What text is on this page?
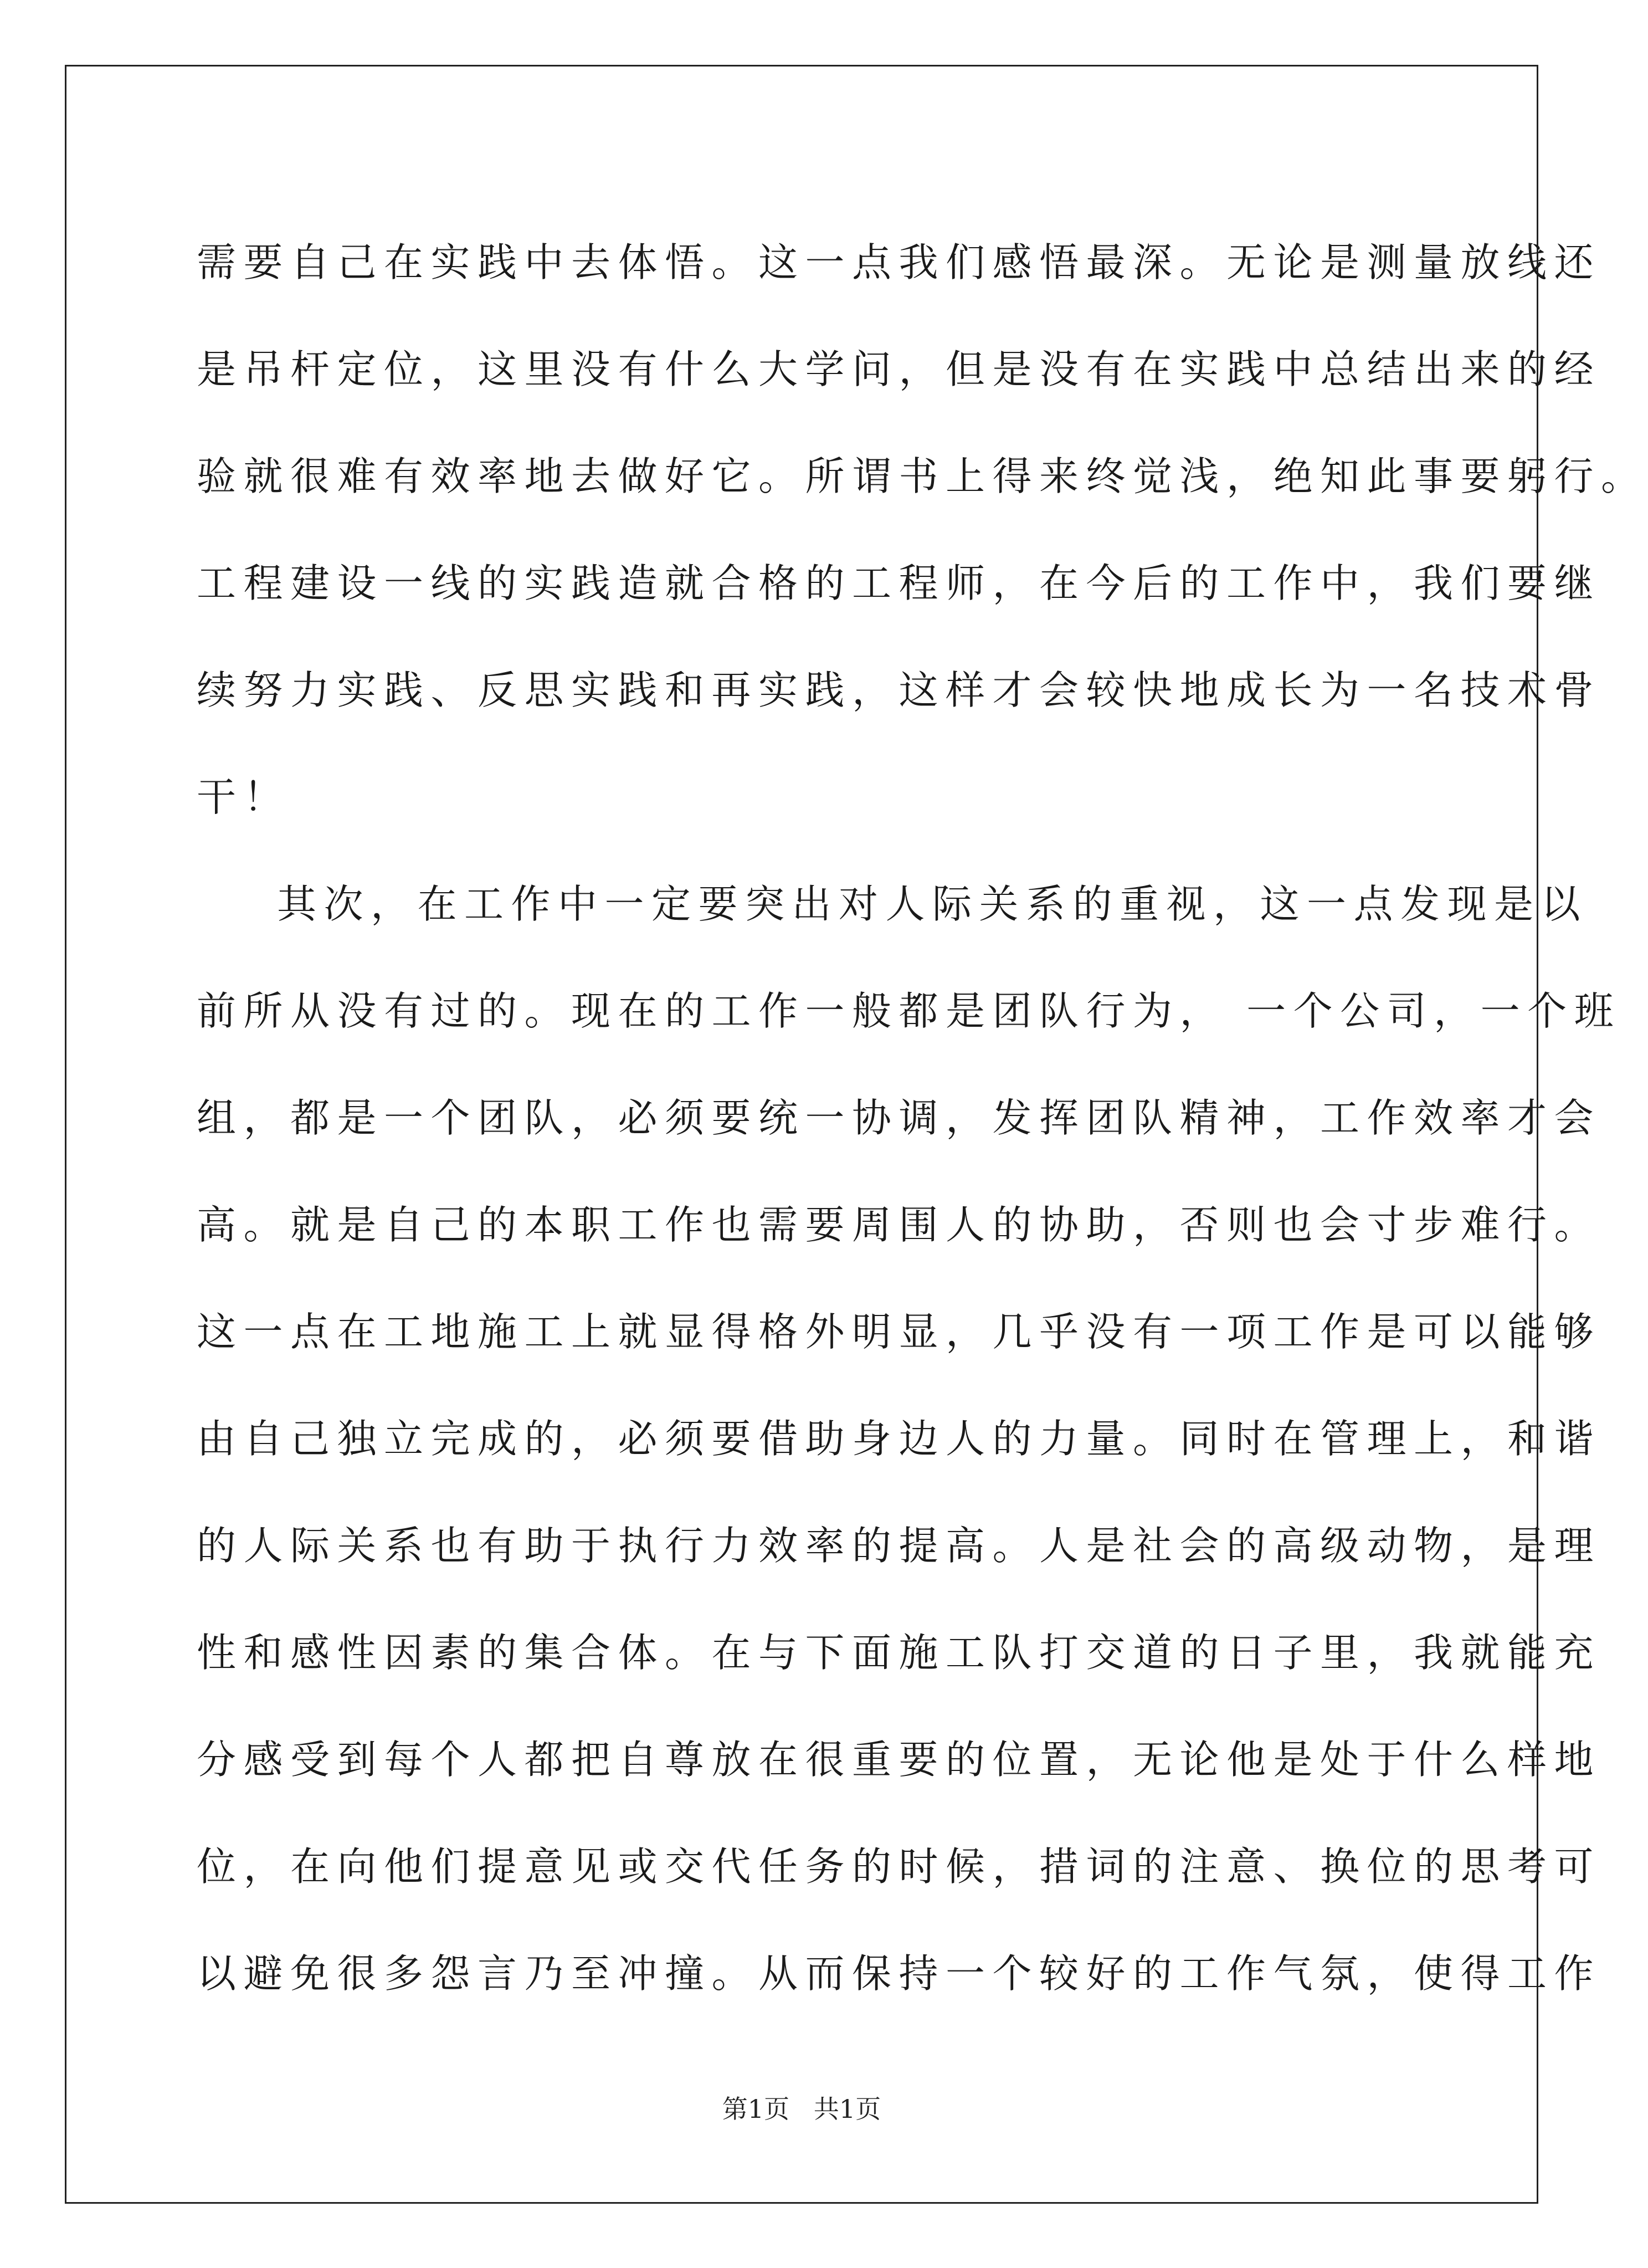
需要自己在实践中去体悟。这一点我们感悟最深。无论是测量放线还
是吊杆定位，这里没有什么大学问，但是没有在实践中总结出来的经
验就很难有效率地去做好它。所谓书上得来终觉浅，绝知此事要躬行。
工程建设一线的实践造就合格的工程师，在今后的工作中，我们要继
续努力实践、反思实践和再实践，这样才会较快地成长为一名技术骨
干！
其次，在工作中一定要突出对人际关系的重视，这一点发现是以
前所从没有过的。现在的工作一般都是团队行为， 一个公司，一个班
组，都是一个团队，必须要统一协调，发挥团队精神，工作效率才会
高。就是自己的本职工作也需要周围人的协助，否则也会寸步难行。
这一点在工地施工上就显得格外明显，几乎没有一项工作是可以能够
由自己独立完成的，必须要借助身边人的力量。同时在管理上，和谐
的人际关系也有助于执行力效率的提高。人是社会的高级动物，是理
性和感性因素的集合体。在与下面施工队打交道的日子里，我就能充
分感受到每个人都把自尊放在很重要的位置，无论他是处于什么样地
位，在向他们提意见或交代任务的时候，措词的注意、换位的思考可
以避免很多怨言乃至冲撞。从而保持一个较好的工作气氛，使得工作
第1页   共1页
